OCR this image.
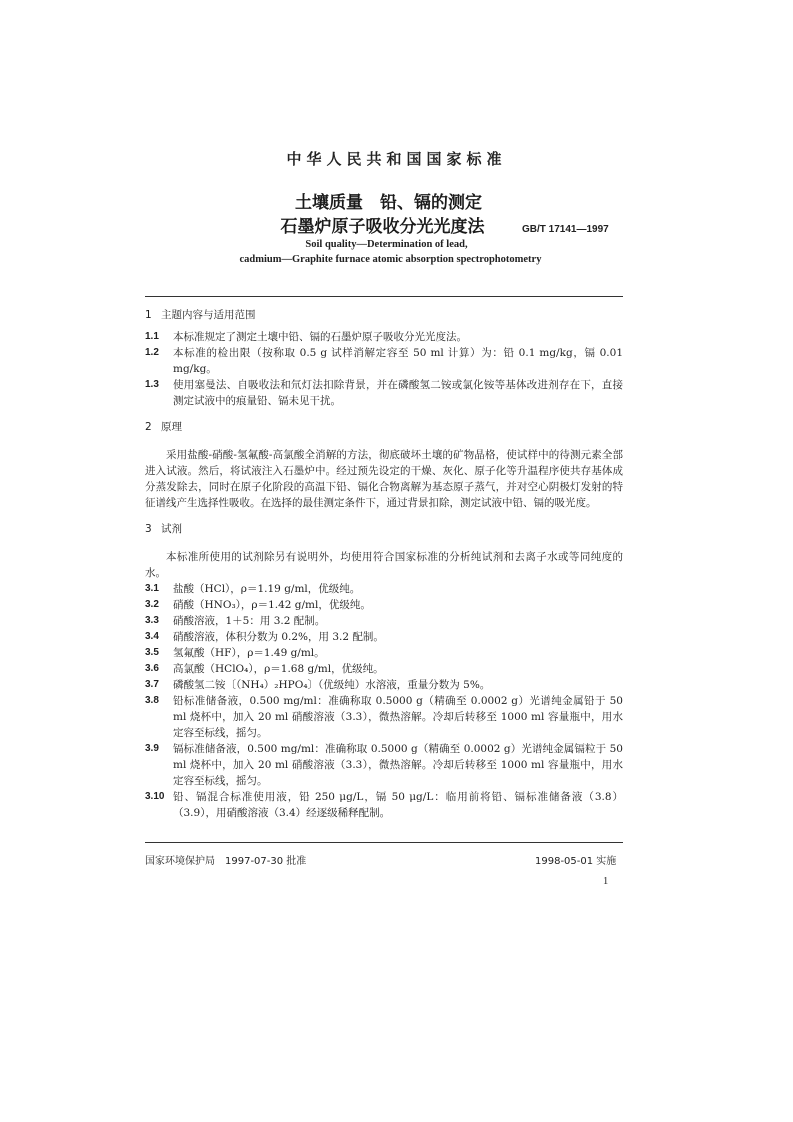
中华人民共和国国家标准
土壤质量　铅、镉的测定
石墨炉原子吸收分光光度法	GB/T 17141—1997
Soil quality—Determination of lead,
cadmium—Graphite furnace atomic absorption spectrophotometry
1 主题内容与适用范围
1.1	本标准规定了测定土壤中铅、镉的石墨炉原子吸收分光光度法。
1.2	本标准的检出限（按称取 0.5 g 试样消解定容至 50 ml 计算）为：铅 0.1 mg/kg，镉 0.01 mg/kg。
1.3	使用塞曼法、自吸收法和氘灯法扣除背景，并在磷酸氢二铵或氯化铵等基体改进剂存在下，直接测定试液中的痕量铅、镉未见干扰。
2 原理

采用盐酸-硝酸-氢氟酸-高氯酸全消解的方法，彻底破坏土壤的矿物晶格，使试样中的待测元素全部进入试液。然后，将试液注入石墨炉中。经过预先设定的干燥、灰化、原子化等升温程序使共存基体成分蒸发除去，同时在原子化阶段的高温下铅、镉化合物离解为基态原子蒸气，并对空心阴极灯发射的特征谱线产生选择性吸收。在选择的最佳测定条件下，通过背景扣除，测定试液中铅、镉的吸光度。

3 试剂

本标准所使用的试剂除另有说明外，均使用符合国家标准的分析纯试剂和去离子水或等同纯度的水。

3.1	盐酸（HCl），ρ＝1.19 g/ml，优级纯。
3.2	硝酸（HNO₃），ρ＝1.42 g/ml，优级纯。
3.3	硝酸溶液，1＋5：用 3.2 配制。
3.4	硝酸溶液，体积分数为 0.2%，用 3.2 配制。
3.5	氢氟酸（HF），ρ＝1.49 g/ml。
3.6	高氯酸（HClO₄），ρ＝1.68 g/ml，优级纯。
3.7	磷酸氢二铵〔（NH₄）₂HPO₄〕（优级纯）水溶液，重量分数为 5%。
3.8	铅标准储备液，0.500 mg/ml：准确称取 0.5000 g（精确至 0.0002 g）光谱纯金属铅于 50 ml 烧杯中，加入 20 ml 硝酸溶液（3.3），微热溶解。冷却后转移至 1000 ml 容量瓶中，用水定容至标线，摇匀。
3.9	镉标准储备液，0.500 mg/ml：准确称取 0.5000 g（精确至 0.0002 g）光谱纯金属镉粒于 50 ml 烧杯中，加入 20 ml 硝酸溶液（3.3），微热溶解。冷却后转移至 1000 ml 容量瓶中，用水定容至标线，摇匀。
3.10 铅、镉混合标准使用液，铅 250 μg/L，镉 50 μg/L：临用前将铅、镉标准储备液（3.8）（3.9），用硝酸溶液（3.4）经逐级稀释配制。
国家环境保护局　1997-07-30 批准	1998-05-01 实施
1
